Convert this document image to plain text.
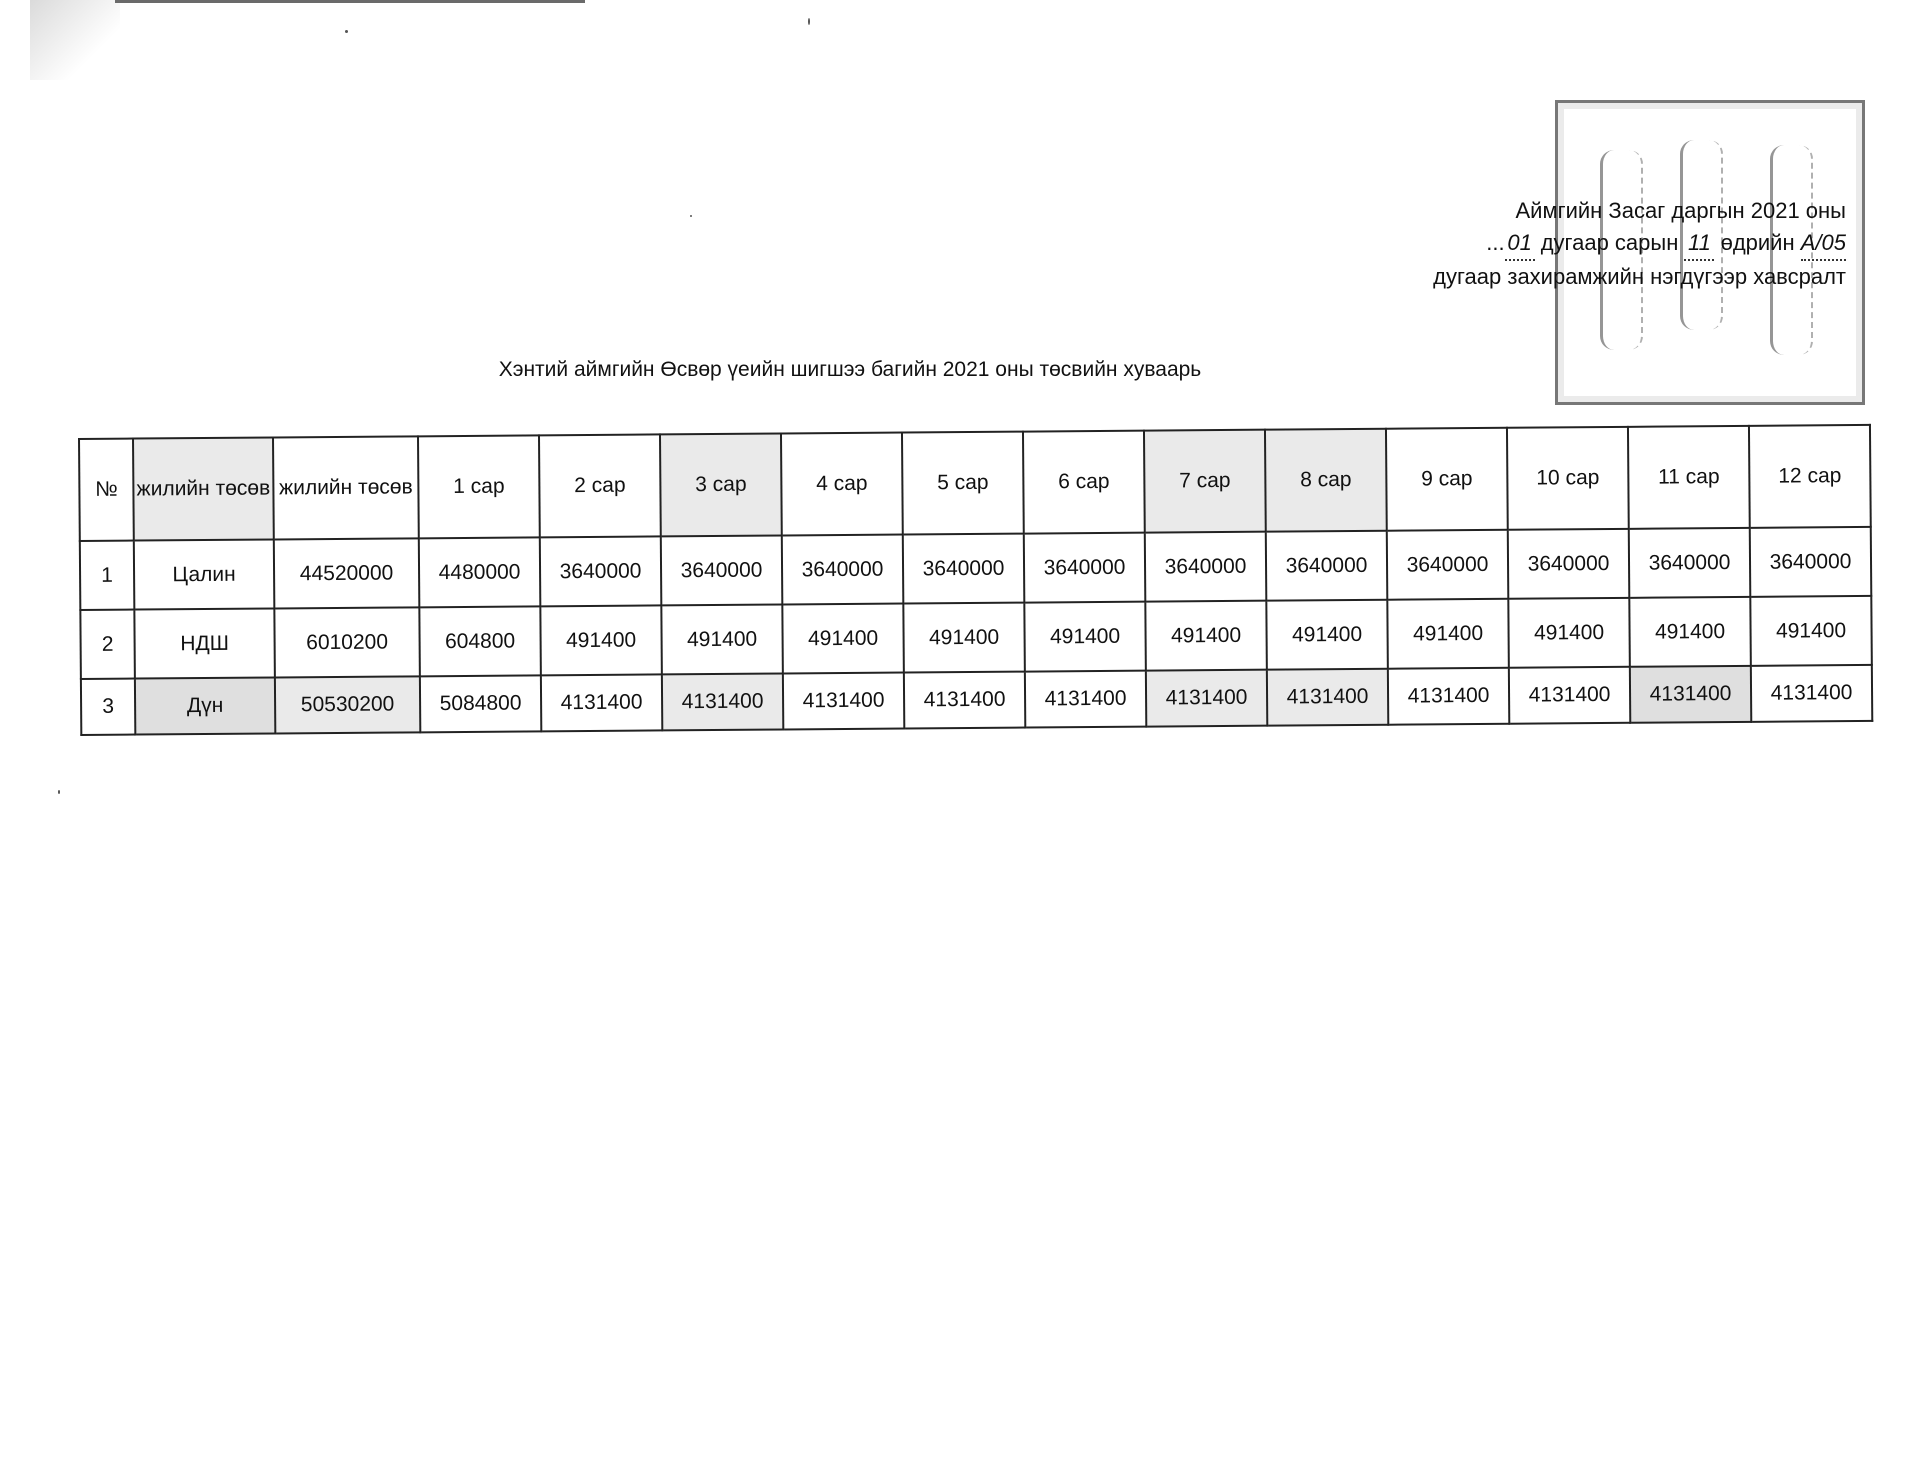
Аймгийн Засаг даргын 2021 оны
... 01 дугаар сарын 11 өдрийн A/05
дугаар захирамжийн нэгдүгээр хавсралт
Хэнтий аймгийн Өсвөр үеийн шигшээ багийн 2021 оны төсвийн хуваарь
№	жилийн төсөв	жилийн төсөв	1 сар	2 сар	3 сар	4 сар	5 сар	6 сар	7 сар	8 сар	9 сар	10 сар	11 сар	12 сар
1	Цалин	44520000	4480000	3640000	3640000	3640000	3640000	3640000	3640000	3640000	3640000	3640000	3640000	3640000
2	НДШ	6010200	604800	491400	491400	491400	491400	491400	491400	491400	491400	491400	491400	491400
3	Дүн	50530200	5084800	4131400	4131400	4131400	4131400	4131400	4131400	4131400	4131400	4131400	4131400	4131400
